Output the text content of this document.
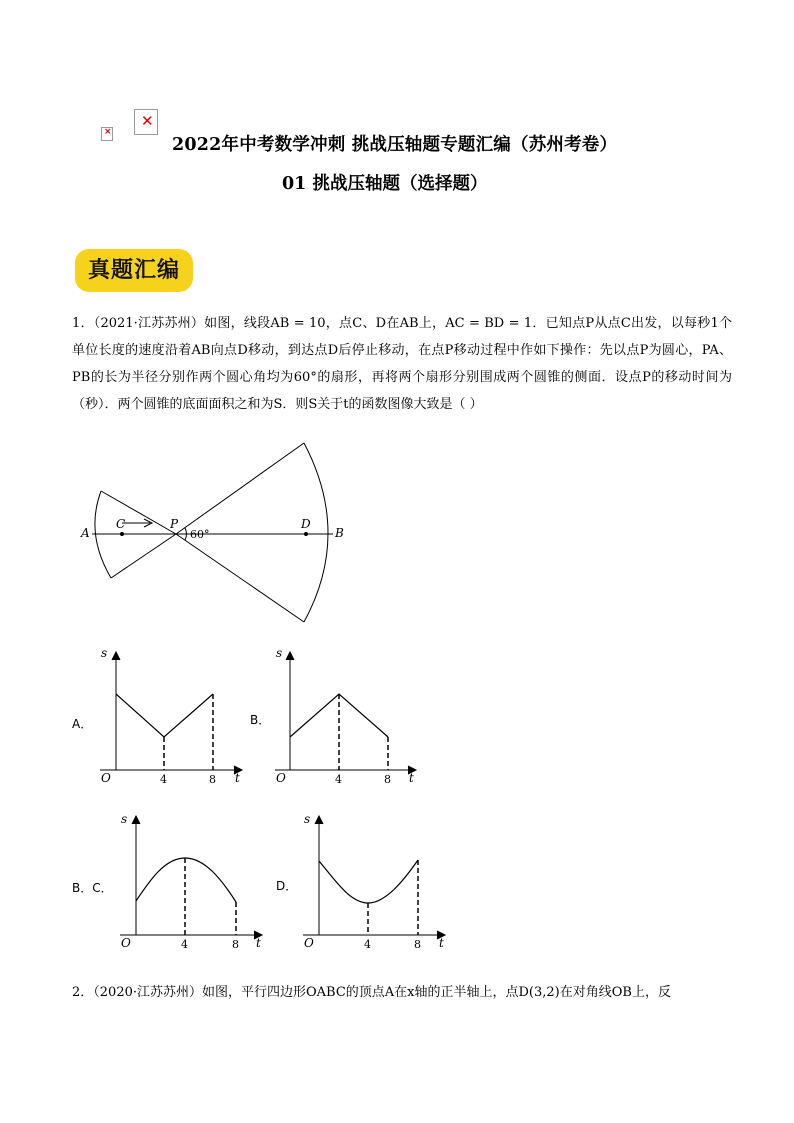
×
✕
2022年中考数学冲刺 挑战压轴题专题汇编（苏州考卷）
01 挑战压轴题（选择题）
真题汇编
1．（2021·江苏苏州）如图，线段AB = 10，点C、D在AB上，AC = BD = 1．已知点P从点C出发，以每秒1个单位长度的速度沿着AB向点D移动，到达点D后停止移动，在点P移动过程中作如下操作：先以点P为圆心，PA、PB的长为半径分别作两个圆心角均为60°的扇形，再将两个扇形分别围成两个圆锥的侧面．设点P的移动时间为（秒）．两个圆锥的底面面积之和为S．则S关于t的函数图像大致是（ ）
A
C	P	D
B
60°
s
t
O	4	8
A．
s
t
O	4	8
B．
s
t
O	4	8
B．C．
s
t
O	4	8
D．
2．（2020·江苏苏州）如图，平行四边形OABC的顶点A在x轴的正半轴上，点D(3,2)在对角线OB上，反
